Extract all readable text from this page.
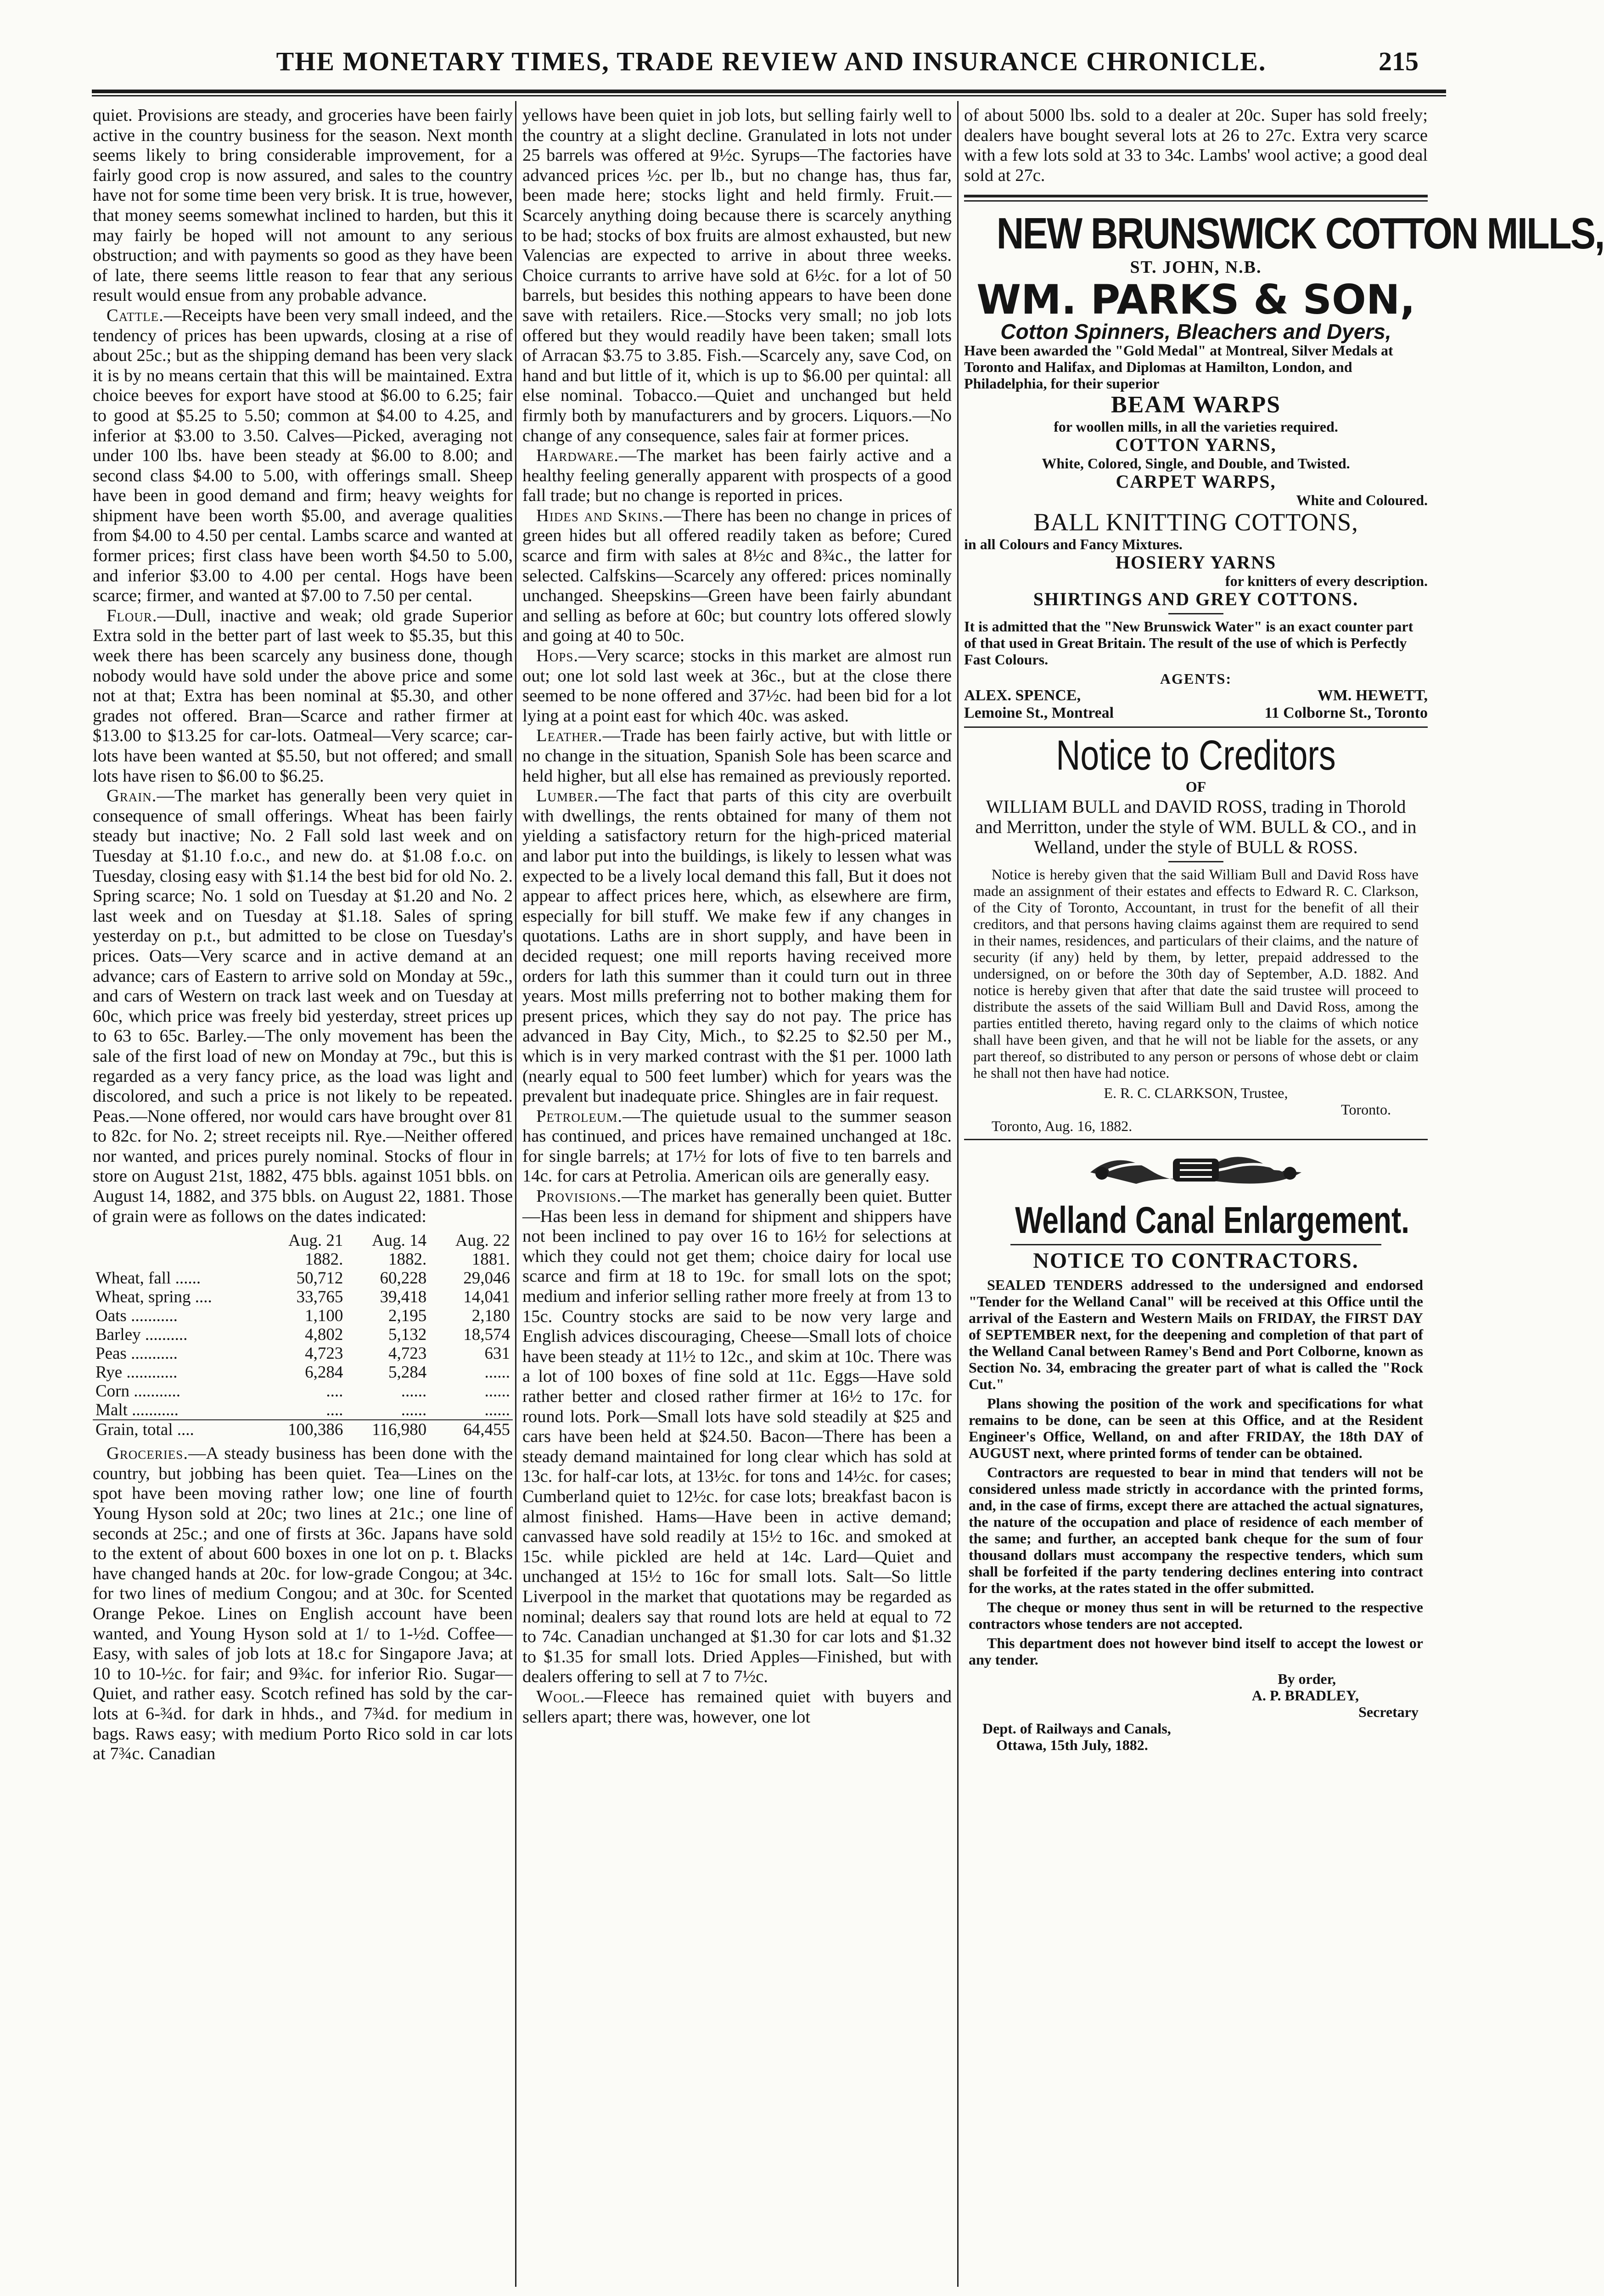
THE MONETARY TIMES, TRADE REVIEW AND INSURANCE CHRONICLE.	215

quiet. Provisions are steady, and groceries have been fairly active in the country business for the season. Next month seems likely to bring considerable improvement, for a fairly good crop is now assured, and sales to the country have not for some time been very brisk. It is true, however, that money seems somewhat inclined to harden, but this it may fairly be hoped will not amount to any serious obstruction; and with payments so good as they have been of late, there seems little reason to fear that any serious result would ensue from any probable advance.

Cattle.—Receipts have been very small indeed, and the tendency of prices has been upwards, closing at a rise of about 25c.; but as the shipping demand has been very slack it is by no means certain that this will be maintained. Extra choice beeves for export have stood at $6.00 to 6.25; fair to good at $5.25 to 5.50; common at $4.00 to 4.25, and inferior at $3.00 to 3.50. Calves—Picked, averaging not under 100 lbs. have been steady at $6.00 to 8.00; and second class $4.00 to 5.00, with offerings small. Sheep have been in good demand and firm; heavy weights for shipment have been worth $5.00, and average qualities from $4.00 to 4.50 per cental. Lambs scarce and wanted at former prices; first class have been worth $4.50 to 5.00, and inferior $3.00 to 4.00 per cental. Hogs have been scarce; firmer, and wanted at $7.00 to 7.50 per cental.

Flour.—Dull, inactive and weak; old grade Superior Extra sold in the better part of last week to $5.35, but this week there has been scarcely any business done, though nobody would have sold under the above price and some not at that; Extra has been nominal at $5.30, and other grades not offered. Bran—Scarce and rather firmer at $13.00 to $13.25 for car-lots. Oatmeal—Very scarce; car-lots have been wanted at $5.50, but not offered; and small lots have risen to $6.00 to $6.25.

Grain.—The market has generally been very quiet in consequence of small offerings. Wheat has been fairly steady but inactive; No. 2 Fall sold last week and on Tuesday at $1.10 f.o.c., and new do. at $1.08 f.o.c. on Tuesday, closing easy with $1.14 the best bid for old No. 2. Spring scarce; No. 1 sold on Tuesday at $1.20 and No. 2 last week and on Tuesday at $1.18. Sales of spring yesterday on p.t., but admitted to be close on Tuesday's prices. Oats—Very scarce and in active demand at an advance; cars of Eastern to arrive sold on Monday at 59c., and cars of Western on track last week and on Tuesday at 60c, which price was freely bid yesterday, street prices up to 63 to 65c. Barley.—The only movement has been the sale of the first load of new on Monday at 79c., but this is regarded as a very fancy price, as the load was light and discolored, and such a price is not likely to be repeated. Peas.—None offered, nor would cars have brought over 81 to 82c. for No. 2; street receipts nil. Rye.—Neither offered nor wanted, and prices purely nominal. Stocks of flour in store on August 21st, 1882, 475 bbls. against 1051 bbls. on August 14, 1882, and 375 bbls. on August 22, 1881. Those of grain were as follows on the dates indicated:

	Aug. 21	Aug. 14	Aug. 22
	1882.	1882.	1881.
Wheat, fall ......	50,712	60,228	29,046
Wheat, spring ....	33,765	39,418	14,041
Oats ...........	1,100	2,195	2,180
Barley ..........	4,802	5,132	18,574
Peas ...........	4,723	4,723	631
Rye ............	6,284	5,284	......
Corn ...........	....	......	......
Malt ...........	....	......	......
Grain, total ....	100,386	116,980	64,455

Groceries.—A steady business has been done with the country, but jobbing has been quiet. Tea—Lines on the spot have been moving rather low; one line of fourth Young Hyson sold at 20c; two lines at 21c.; one line of seconds at 25c.; and one of firsts at 36c. Japans have sold to the extent of about 600 boxes in one lot on p. t. Blacks have changed hands at 20c. for low-grade Congou; at 34c. for two lines of medium Congou; and at 30c. for Scented Orange Pekoe. Lines on English account have been wanted, and Young Hyson sold at 1/ to 1-½d. Coffee—Easy, with sales of job lots at 18.c for Singapore Java; at 10 to 10-½c. for fair; and 9¾c. for inferior Rio. Sugar—Quiet, and rather easy. Scotch refined has sold by the car-lots at 6-¾d. for dark in hhds., and 7¾d. for medium in bags. Raws easy; with medium Porto Rico sold in car lots at 7¾c. Canadian

yellows have been quiet in job lots, but selling fairly well to the country at a slight decline. Granulated in lots not under 25 barrels was offered at 9½c. Syrups—The factories have advanced prices ½c. per lb., but no change has, thus far, been made here; stocks light and held firmly. Fruit.—Scarcely anything doing because there is scarcely anything to be had; stocks of box fruits are almost exhausted, but new Valencias are expected to arrive in about three weeks. Choice currants to arrive have sold at 6½c. for a lot of 50 barrels, but besides this nothing appears to have been done save with retailers. Rice.—Stocks very small; no job lots offered but they would readily have been taken; small lots of Arracan $3.75 to 3.85. Fish.—Scarcely any, save Cod, on hand and but little of it, which is up to $6.00 per quintal: all else nominal. Tobacco.—Quiet and unchanged but held firmly both by manufacturers and by grocers. Liquors.—No change of any consequence, sales fair at former prices.

Hardware.—The market has been fairly active and a healthy feeling generally apparent with prospects of a good fall trade; but no change is reported in prices.

Hides and Skins.—There has been no change in prices of green hides but all offered readily taken as before; Cured scarce and firm with sales at 8½c and 8¾c., the latter for selected. Calfskins—Scarcely any offered: prices nominally unchanged. Sheepskins—Green have been fairly abundant and selling as before at 60c; but country lots offered slowly and going at 40 to 50c.

Hops.—Very scarce; stocks in this market are almost run out; one lot sold last week at 36c., but at the close there seemed to be none offered and 37½c. had been bid for a lot lying at a point east for which 40c. was asked.

Leather.—Trade has been fairly active, but with little or no change in the situation, Spanish Sole has been scarce and held higher, but all else has remained as previously reported.

Lumber.—The fact that parts of this city are overbuilt with dwellings, the rents obtained for many of them not yielding a satisfactory return for the high-priced material and labor put into the buildings, is likely to lessen what was expected to be a lively local demand this fall, But it does not appear to affect prices here, which, as elsewhere are firm, especially for bill stuff. We make few if any changes in quotations. Laths are in short supply, and have been in decided request; one mill reports having received more orders for lath this summer than it could turn out in three years. Most mills preferring not to bother making them for present prices, which they say do not pay. The price has advanced in Bay City, Mich., to $2.25 to $2.50 per M., which is in very marked contrast with the $1 per. 1000 lath (nearly equal to 500 feet lumber) which for years was the prevalent but inadequate price. Shingles are in fair request.

Petroleum.—The quietude usual to the summer season has continued, and prices have remained unchanged at 18c. for single barrels; at 17½ for lots of five to ten barrels and 14c. for cars at Petrolia. American oils are generally easy.

Provisions.—The market has generally been quiet. Butter—Has been less in demand for shipment and shippers have not been inclined to pay over 16 to 16½ for selections at which they could not get them; choice dairy for local use scarce and firm at 18 to 19c. for small lots on the spot; medium and inferior selling rather more freely at from 13 to 15c. Country stocks are said to be now very large and English advices discouraging, Cheese—Small lots of choice have been steady at 11½ to 12c., and skim at 10c. There was a lot of 100 boxes of fine sold at 11c. Eggs—Have sold rather better and closed rather firmer at 16½ to 17c. for round lots. Pork—Small lots have sold steadily at $25 and cars have been held at $24.50. Bacon—There has been a steady demand maintained for long clear which has sold at 13c. for half-car lots, at 13½c. for tons and 14½c. for cases; Cumberland quiet to 12½c. for case lots; breakfast bacon is almost finished. Hams—Have been in active demand; canvassed have sold readily at 15½ to 16c. and smoked at 15c. while pickled are held at 14c. Lard—Quiet and unchanged at 15½ to 16c for small lots. Salt—So little Liverpool in the market that quotations may be regarded as nominal; dealers say that round lots are held at equal to 72 to 74c. Canadian unchanged at $1.30 for car lots and $1.32 to $1.35 for small lots. Dried Apples—Finished, but with dealers offering to sell at 7 to 7½c.

Wool.—Fleece has remained quiet with buyers and sellers apart; there was, however, one lot

of about 5000 lbs. sold to a dealer at 20c. Super has sold freely; dealers have bought several lots at 26 to 27c. Extra very scarce with a few lots sold at 33 to 34c. Lambs' wool active; a good deal sold at 27c.

NEW BRUNSWICK COTTON MILLS,
ST. JOHN, N.B.
WM. PARKS & SON,
Cotton Spinners, Bleachers and Dyers,

Have been awarded the "Gold Medal" at Montreal, Silver Medals at Toronto and Halifax, and Diplomas at Hamilton, London, and Philadelphia, for their superior

BEAM WARPS
for woollen mills, in all the varieties required.
COTTON YARNS,
White, Colored, Single, and Double, and Twisted.
CARPET WARPS,
White and Coloured.
BALL KNITTING COTTONS,
in all Colours and Fancy Mixtures.
HOSIERY YARNS
for knitters of every description.
SHIRTINGS AND GREY COTTONS.

It is admitted that the "New Brunswick Water" is an exact counter part of that used in Great Britain. The result of the use of which is Perfectly Fast Colours.

AGENTS:
ALEX. SPENCE,
Lemoine St., Montreal
WM. HEWETT,
11 Colborne St., Toronto
Notice to Creditors
OF

WILLIAM BULL and DAVID ROSS, trading in Thorold and Merritton, under the style of WM. BULL & CO., and in Welland, under the style of BULL & ROSS.

Notice is hereby given that the said William Bull and David Ross have made an assignment of their estates and effects to Edward R. C. Clarkson, of the City of Toronto, Accountant, in trust for the benefit of all their creditors, and that persons having claims against them are required to send in their names, residences, and particulars of their claims, and the nature of security (if any) held by them, by letter, prepaid addressed to the undersigned, on or before the 30th day of September, A.D. 1882. And notice is hereby given that after that date the said trustee will proceed to distribute the assets of the said William Bull and David Ross, among the parties entitled thereto, having regard only to the claims of which notice shall have been given, and that he will not be liable for the assets, or any part thereof, so distributed to any person or persons of whose debt or claim he shall not then have had notice.

E. R. C. CLARKSON, Trustee,
Toronto.
Toronto, Aug. 16, 1882.
Welland Canal Enlargement.
NOTICE TO CONTRACTORS.

SEALED TENDERS addressed to the undersigned and endorsed "Tender for the Welland Canal" will be received at this Office until the arrival of the Eastern and Western Mails on FRIDAY, the FIRST DAY of SEPTEMBER next, for the deepening and completion of that part of the Welland Canal between Ramey's Bend and Port Colborne, known as Section No. 34, embracing the greater part of what is called the "Rock Cut."

Plans showing the position of the work and specifications for what remains to be done, can be seen at this Office, and at the Resident Engineer's Office, Welland, on and after FRIDAY, the 18th DAY of AUGUST next, where printed forms of tender can be obtained.

Contractors are requested to bear in mind that tenders will not be considered unless made strictly in accordance with the printed forms, and, in the case of firms, except there are attached the actual signatures, the nature of the occupation and place of residence of each member of the same; and further, an accepted bank cheque for the sum of four thousand dollars must accompany the respective tenders, which sum shall be forfeited if the party tendering declines entering into contract for the works, at the rates stated in the offer submitted.

The cheque or money thus sent in will be returned to the respective contractors whose tenders are not accepted.

This department does not however bind itself to accept the lowest or any tender.

By order,
A. P. BRADLEY,
Secretary
Dept. of Railways and Canals,
Ottawa, 15th July, 1882.
